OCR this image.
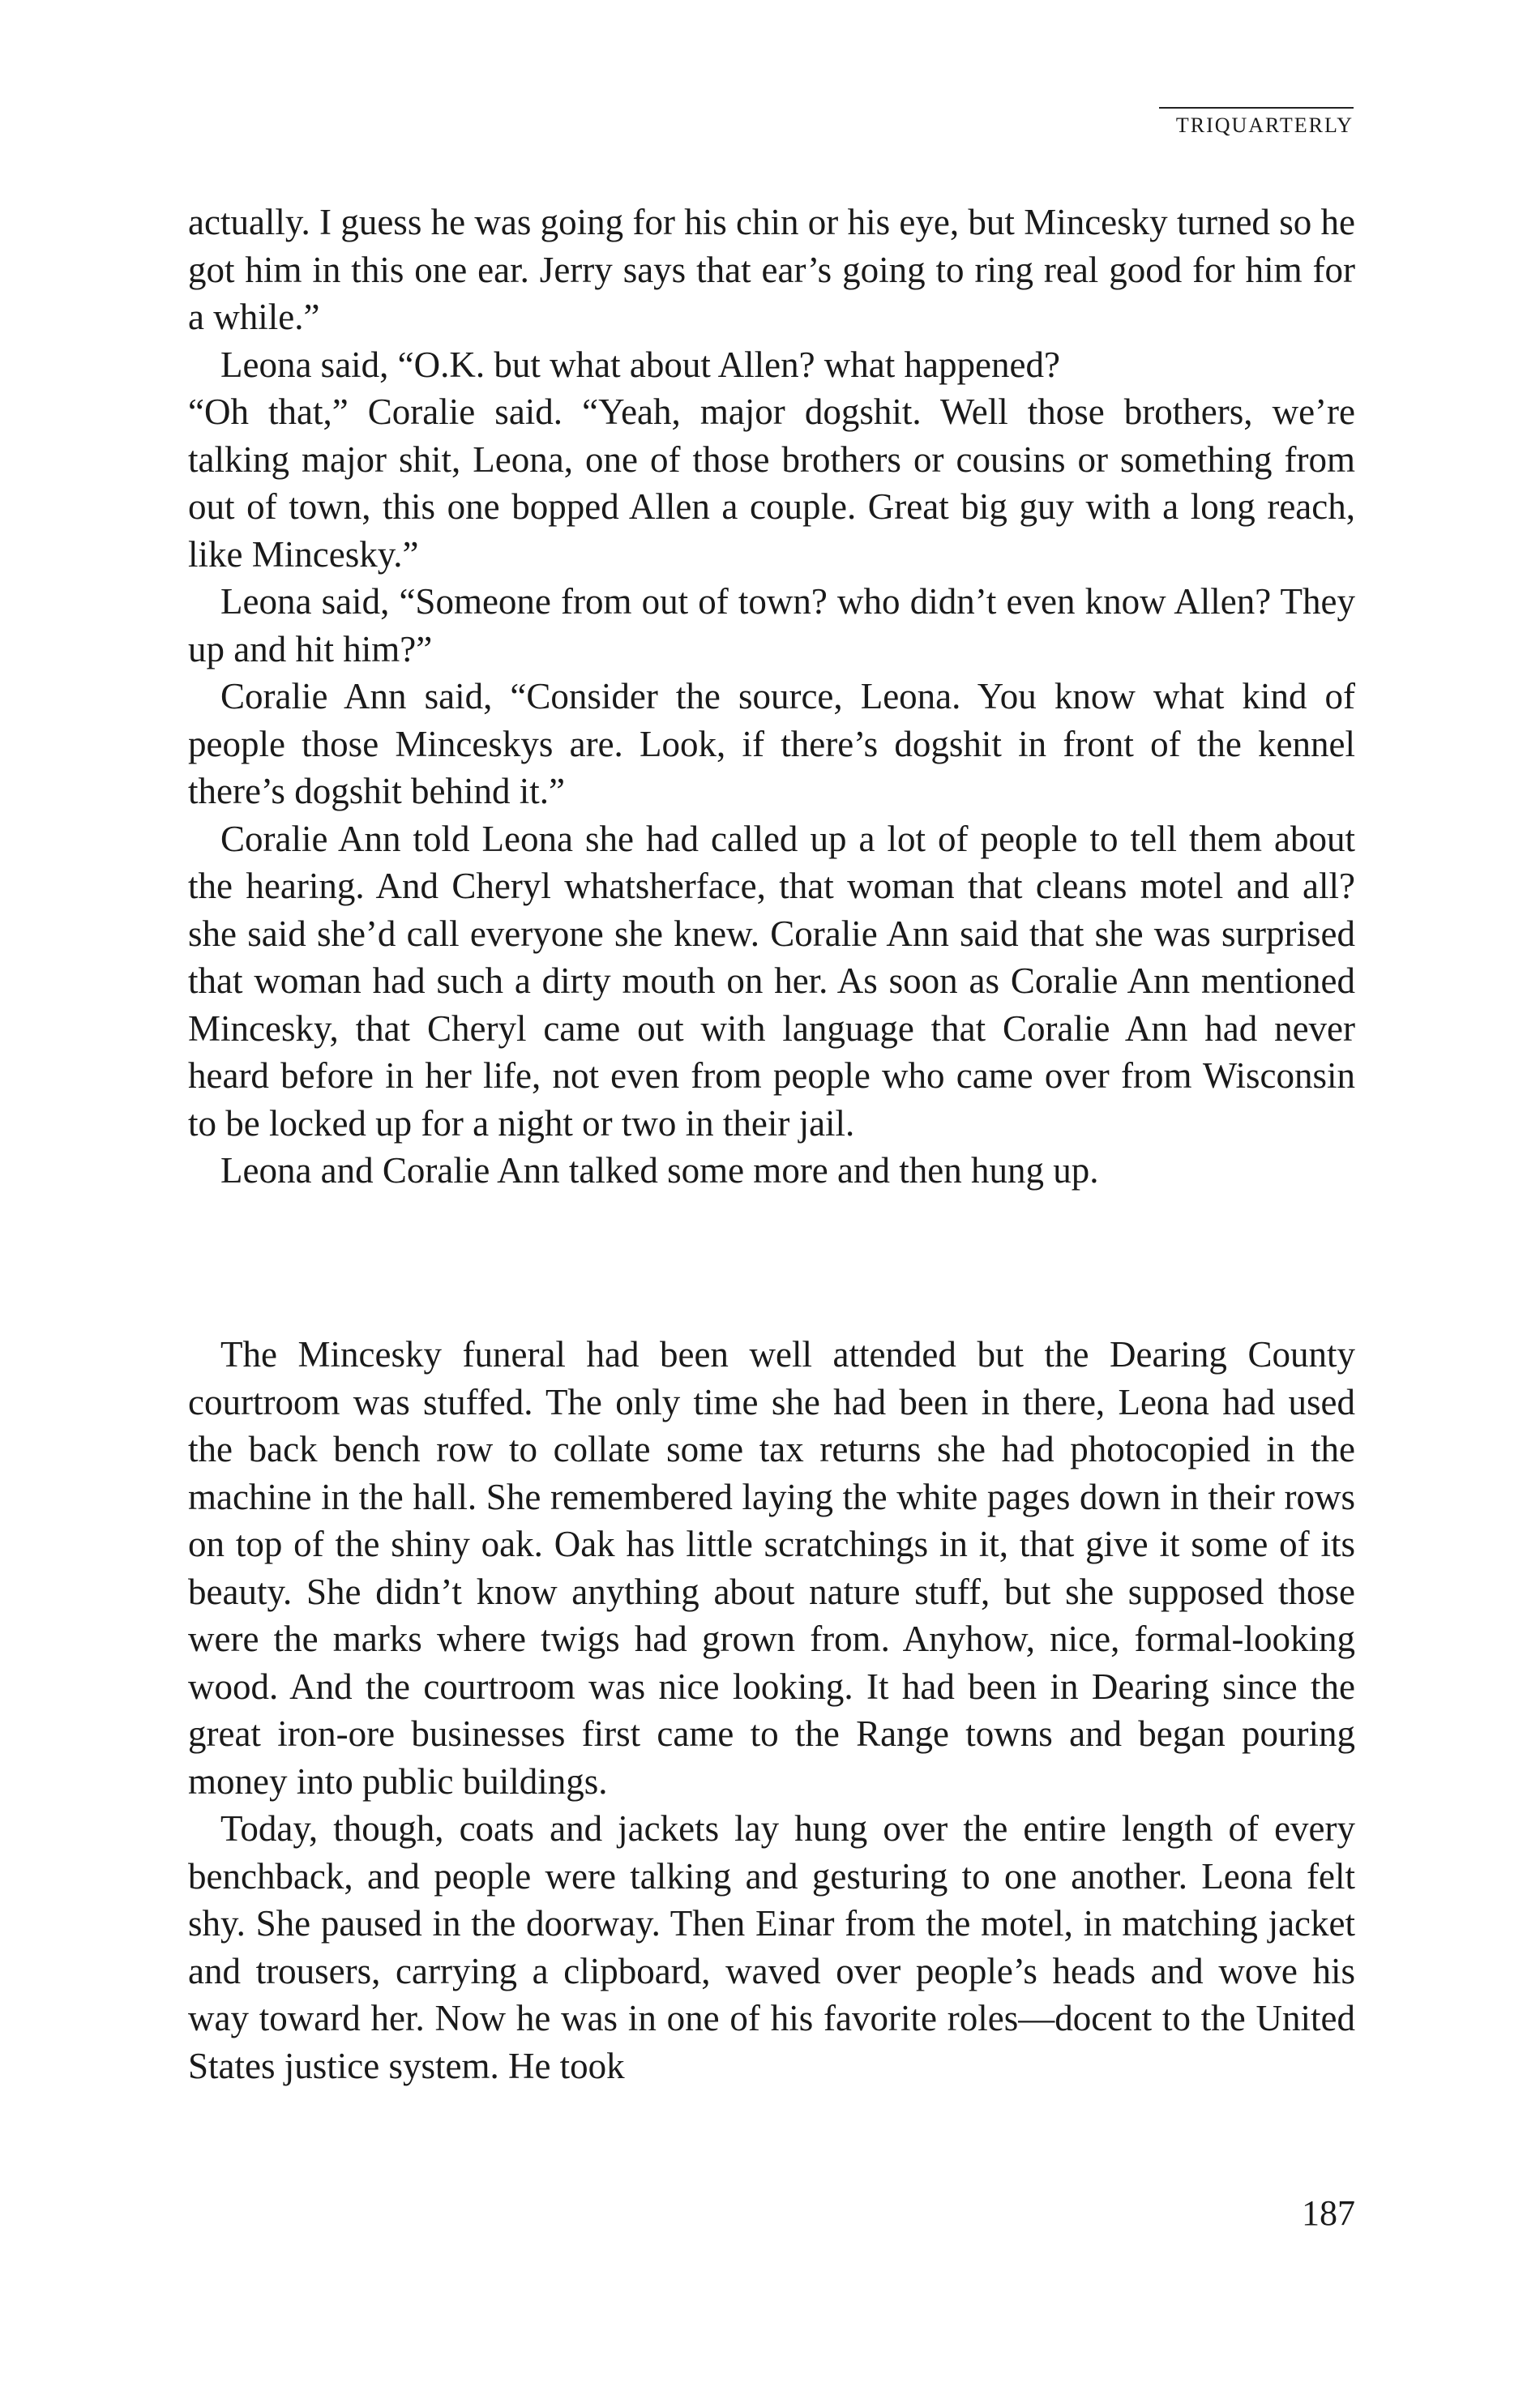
TRIQUARTERLY

actually. I guess he was going for his chin or his eye, but Mincesky turned so he got him in this one ear. Jerry says that ear’s going to ring real good for him for a while.”

Leona said, “O.K. but what about Allen? what happened?

“Oh that,” Coralie said. “Yeah, major dogshit. Well those brothers, we’re talking major shit, Leona, one of those brothers or cousins or something from out of town, this one bopped Allen a couple. Great big guy with a long reach, like Mincesky.”

Leona said, “Someone from out of town? who didn’t even know Allen? They up and hit him?”

Coralie Ann said, “Consider the source, Leona. You know what kind of people those Minceskys are. Look, if there’s dogshit in front of the kennel there’s dogshit behind it.”

Coralie Ann told Leona she had called up a lot of people to tell them about the hearing. And Cheryl whatsherface, that woman that cleans motel and all? she said she’d call everyone she knew. Coralie Ann said that she was surprised that woman had such a dirty mouth on her. As soon as Coralie Ann mentioned Mincesky, that Cheryl came out with language that Coralie Ann had never heard before in her life, not even from people who came over from Wisconsin to be locked up for a night or two in their jail.

Leona and Coralie Ann talked some more and then hung up.

The Mincesky funeral had been well attended but the Dearing County courtroom was stuffed. The only time she had been in there, Leona had used the back bench row to collate some tax returns she had photocopied in the machine in the hall. She remembered laying the white pages down in their rows on top of the shiny oak. Oak has little scratchings in it, that give it some of its beauty. She didn’t know anything about nature stuff, but she supposed those were the marks where twigs had grown from. Anyhow, nice, formal-looking wood. And the courtroom was nice looking. It had been in Dearing since the great iron-ore businesses first came to the Range towns and began pouring money into public buildings.

Today, though, coats and jackets lay hung over the entire length of every benchback, and people were talking and gesturing to one another. Leona felt shy. She paused in the doorway. Then Einar from the motel, in matching jacket and trousers, carrying a clipboard, waved over people’s heads and wove his way toward her. Now he was in one of his favorite roles—docent to the United States justice system. He took

187
